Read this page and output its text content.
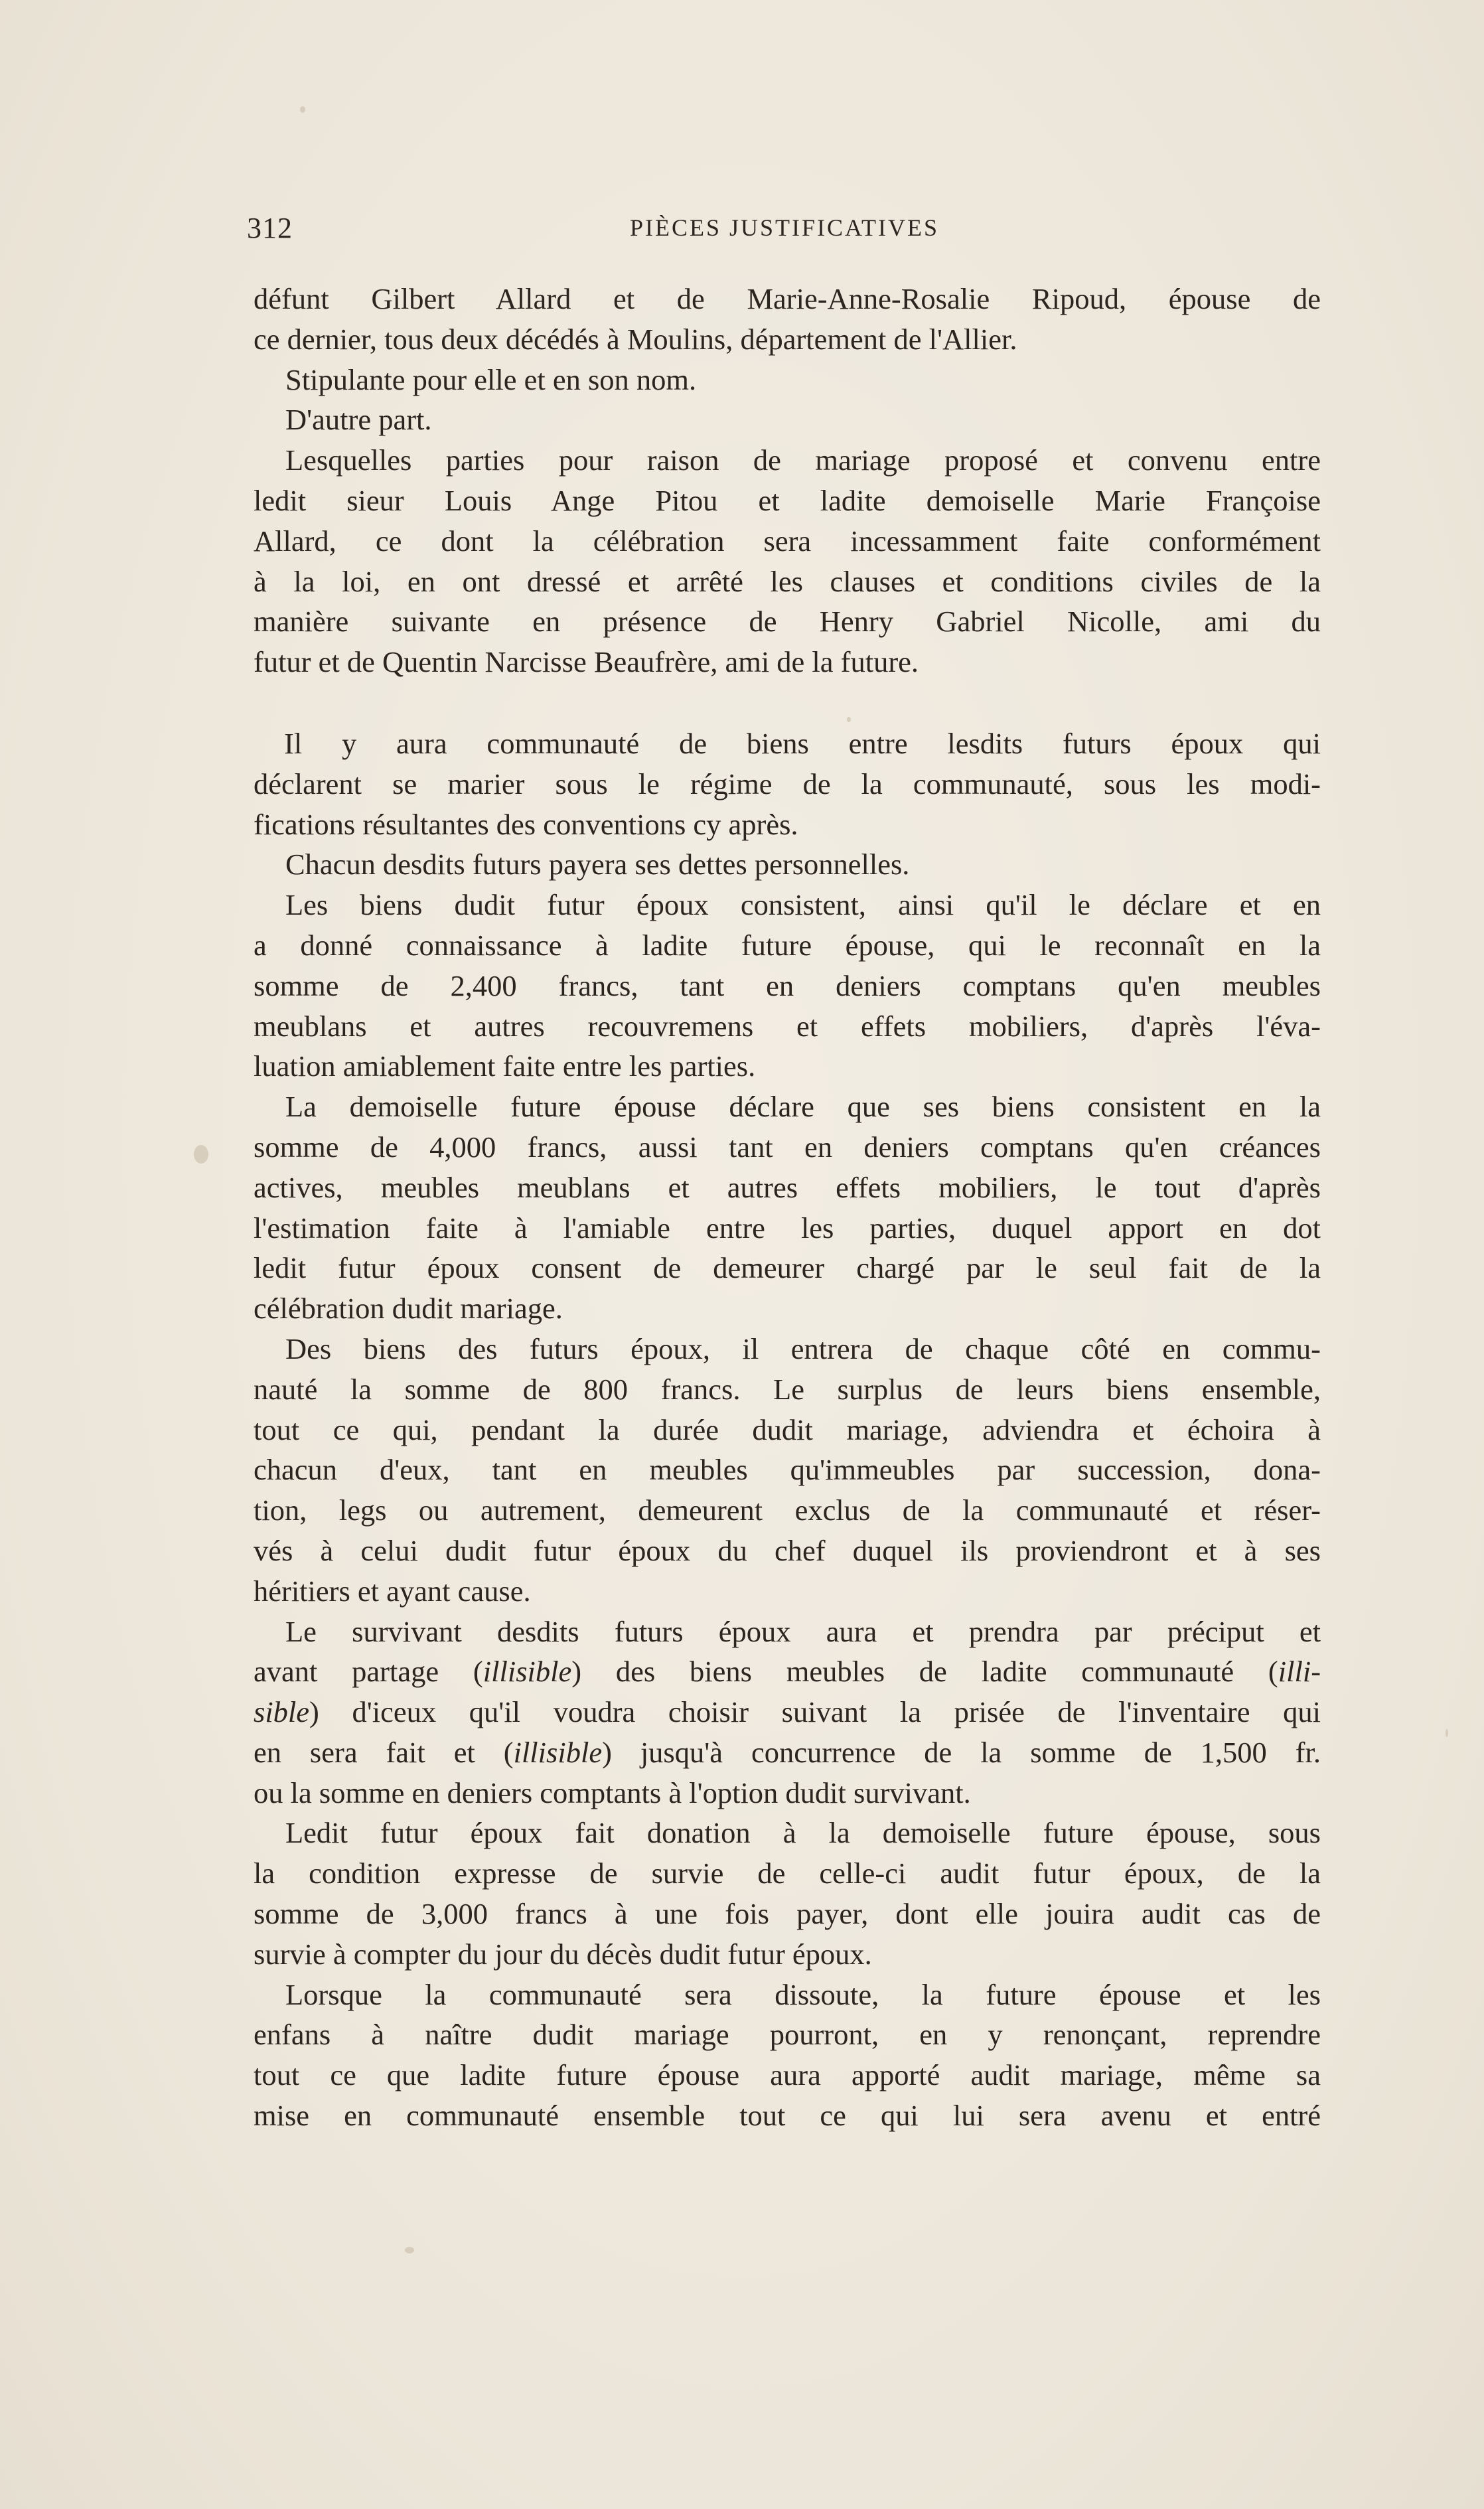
312	PIÈCES JUSTIFICATIVES
défunt Gilbert Allard et de Marie-Anne-Rosalie Ripoud, épouse de
ce dernier, tous deux décédés à Moulins, département de l'Allier.
Stipulante pour elle et en son nom.
D'autre part.
Lesquelles parties pour raison de mariage proposé et convenu entre
ledit sieur Louis Ange Pitou et ladite demoiselle Marie Françoise
Allard, ce dont la célébration sera incessamment faite conformément
à la loi, en ont dressé et arrêté les clauses et conditions civiles de la
manière suivante en présence de Henry Gabriel Nicolle, ami du
futur et de Quentin Narcisse Beaufrère, ami de la future.
Il y aura communauté de biens entre lesdits futurs époux qui
déclarent se marier sous le régime de la communauté, sous les modi-
fications résultantes des conventions cy après.
Chacun desdits futurs payera ses dettes personnelles.
Les biens dudit futur époux consistent, ainsi qu'il le déclare et en
a donné connaissance à ladite future épouse, qui le reconnaît en la
somme de 2,400 francs, tant en deniers comptans qu'en meubles
meublans et autres recouvremens et effets mobiliers, d'après l'éva-
luation amiablement faite entre les parties.
La demoiselle future épouse déclare que ses biens consistent en la
somme de 4,000 francs, aussi tant en deniers comptans qu'en créances
actives, meubles meublans et autres effets mobiliers, le tout d'après
l'estimation faite à l'amiable entre les parties, duquel apport en dot
ledit futur époux consent de demeurer chargé par le seul fait de la
célébration dudit mariage.
Des biens des futurs époux, il entrera de chaque côté en commu-
nauté la somme de 800 francs. Le surplus de leurs biens ensemble,
tout ce qui, pendant la durée dudit mariage, adviendra et échoira à
chacun d'eux, tant en meubles qu'immeubles par succession, dona-
tion, legs ou autrement, demeurent exclus de la communauté et réser-
vés à celui dudit futur époux du chef duquel ils proviendront et à ses
héritiers et ayant cause.
Le survivant desdits futurs époux aura et prendra par préciput et
avant partage (illisible) des biens meubles de ladite communauté (illi-
sible) d'iceux qu'il voudra choisir suivant la prisée de l'inventaire qui
en sera fait et (illisible) jusqu'à concurrence de la somme de 1,500 fr.
ou la somme en deniers comptants à l'option dudit survivant.
Ledit futur époux fait donation à la demoiselle future épouse, sous
la condition expresse de survie de celle-ci audit futur époux, de la
somme de 3,000 francs à une fois payer, dont elle jouira audit cas de
survie à compter du jour du décès dudit futur époux.
Lorsque la communauté sera dissoute, la future épouse et les
enfans à naître dudit mariage pourront, en y renonçant, reprendre
tout ce que ladite future épouse aura apporté audit mariage, même sa
mise en communauté ensemble tout ce qui lui sera avenu et entré
